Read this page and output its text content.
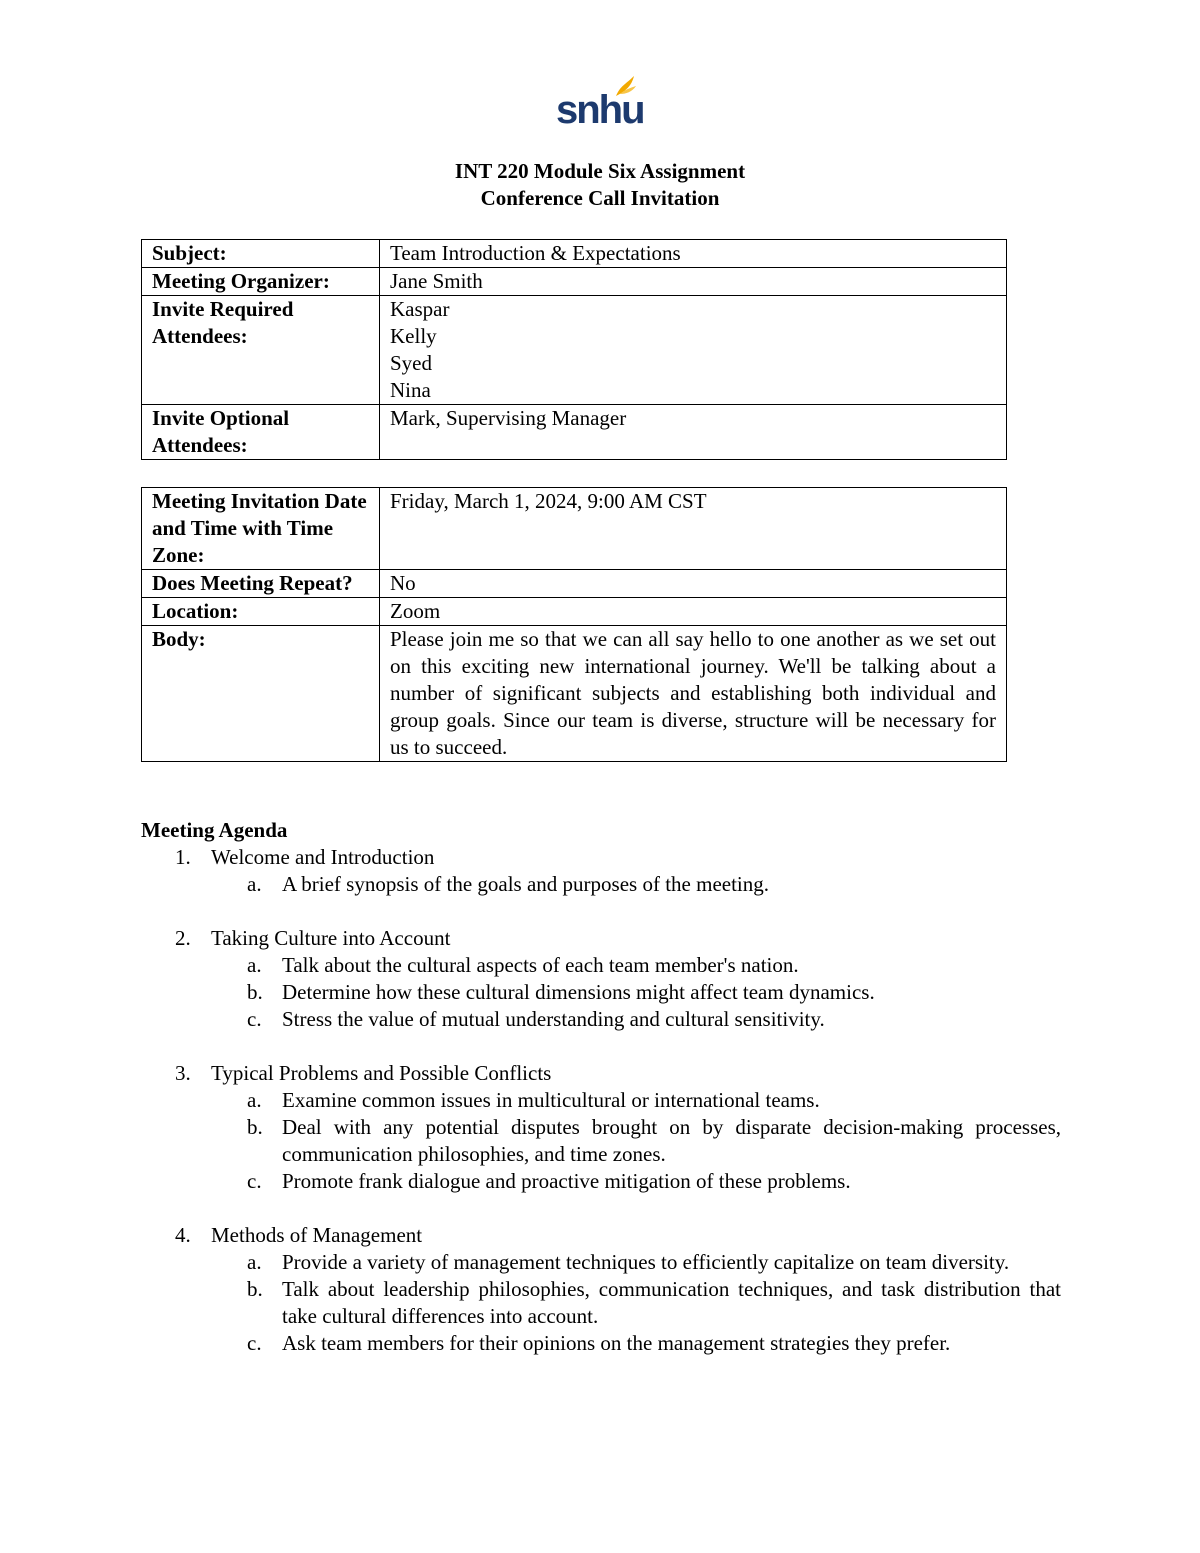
snhu
INT 220 Module Six Assignment
Conference Call Invitation
Subject:	Team Introduction & Expectations
Meeting Organizer:	Jane Smith
Invite Required Attendees:	Kaspar
Kelly
Syed
Nina

Invite Optional Attendees:	Mark, Supervising Manager
Meeting Invitation Date and Time with Time Zone:	Friday, March 1, 2024, 9:00 AM CST
Does Meeting Repeat?	No
Location:	Zoom
Body:	Please join me so that we can all say hello to one another as we set out on this exciting new international journey. We'll be talking about a number of significant subjects and establishing both individual and group goals. Since our team is diverse, structure will be necessary for us to succeed.
Meeting Agenda
1. Welcome and Introduction
a. A brief synopsis of the goals and purposes of the meeting.
2. Taking Culture into Account
a. Talk about the cultural aspects of each team member's nation.
b. Determine how these cultural dimensions might affect team dynamics.
c. Stress the value of mutual understanding and cultural sensitivity.
3. Typical Problems and Possible Conflicts
a. Examine common issues in multicultural or international teams.
b. Deal with any potential disputes brought on by disparate decision-making processes, communication philosophies, and time zones.
c. Promote frank dialogue and proactive mitigation of these problems.
4. Methods of Management
a. Provide a variety of management techniques to efficiently capitalize on team diversity.
b. Talk about leadership philosophies, communication techniques, and task distribution that take cultural differences into account.
c. Ask team members for their opinions on the management strategies they prefer.
